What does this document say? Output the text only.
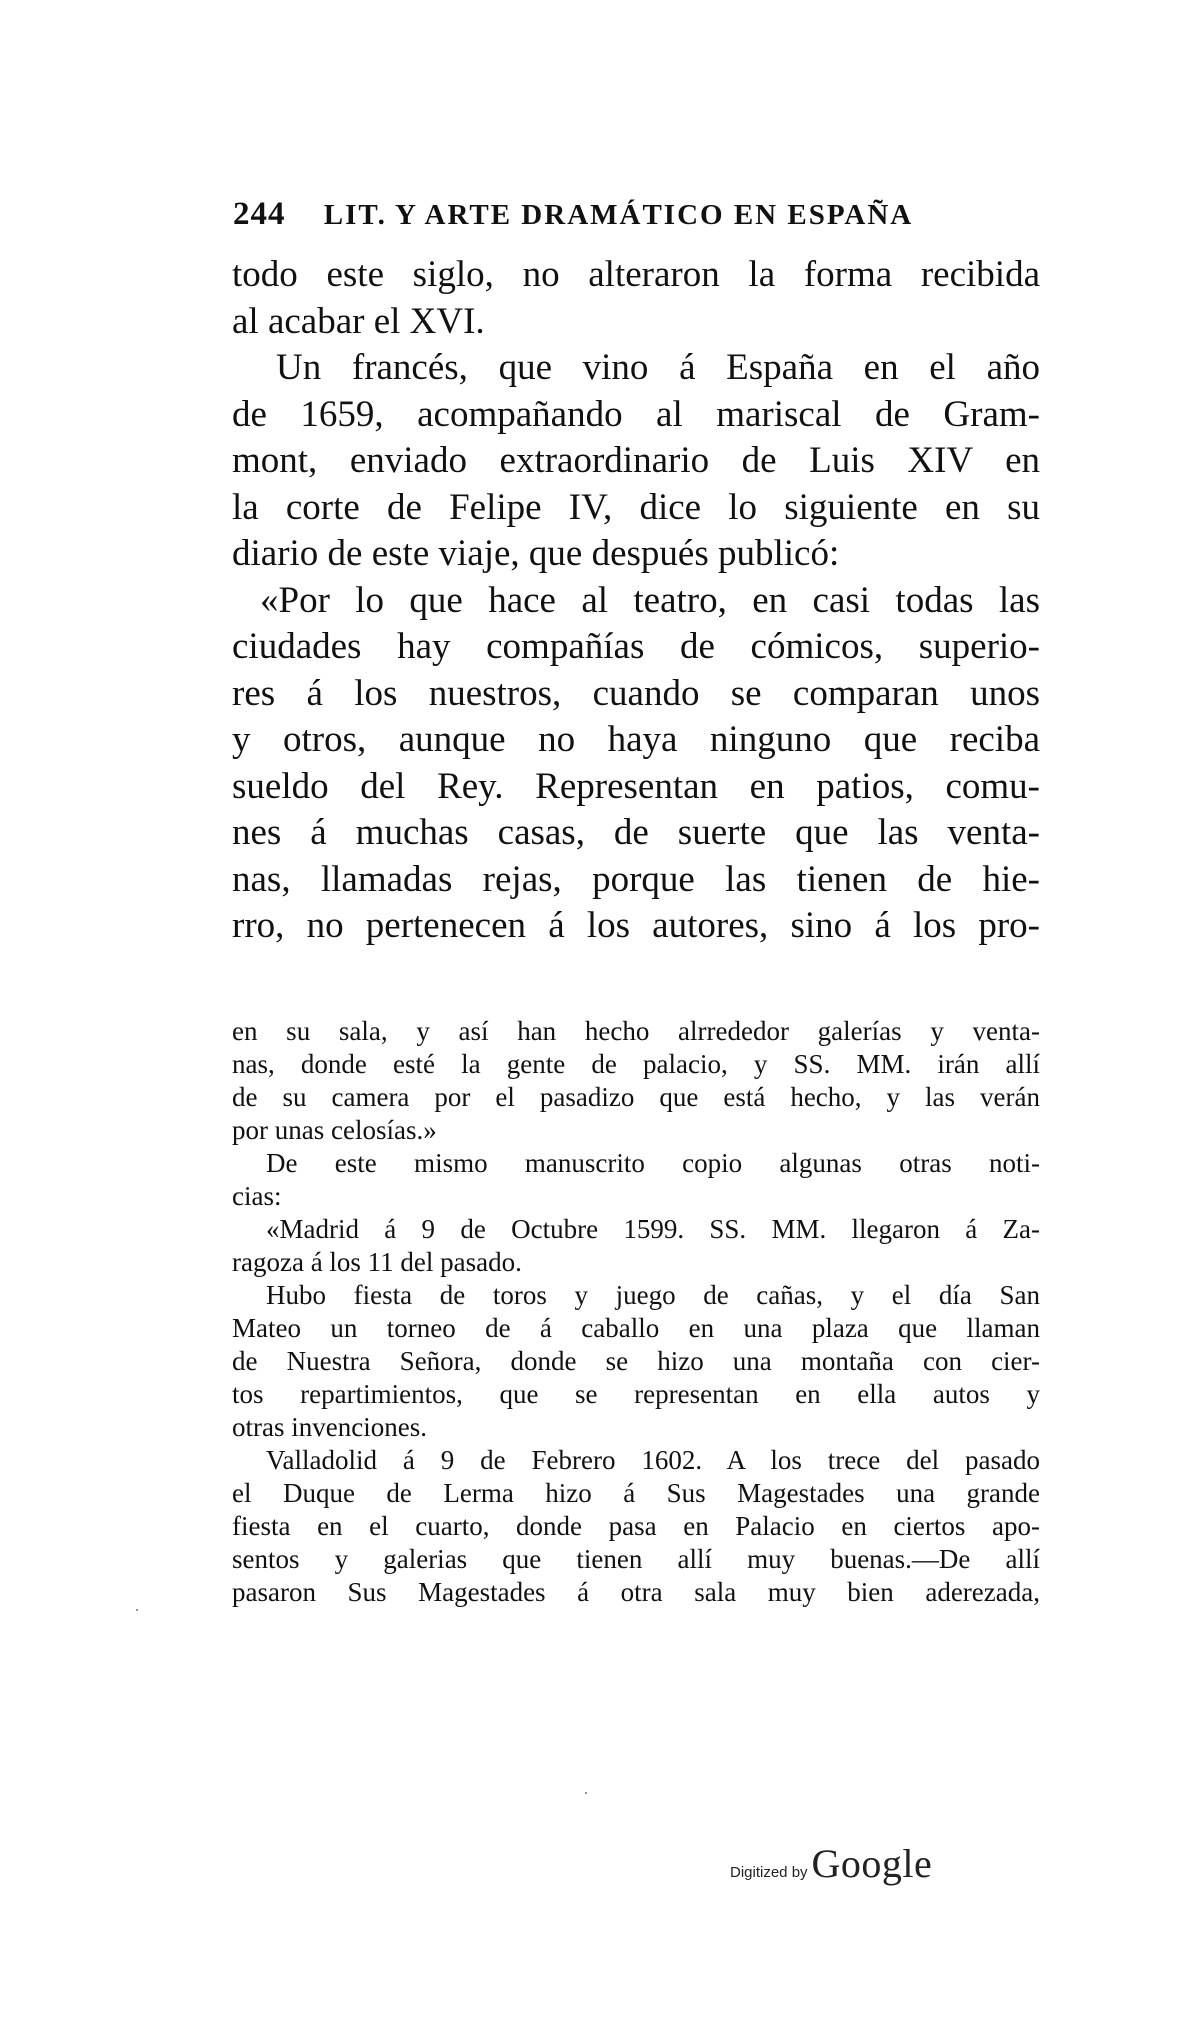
244 LIT. Y ARTE DRAMÁTICO EN ESPAÑA
todo este siglo, no alteraron la forma recibida
al acabar el XVI.
Un francés, que vino á España en el año
de 1659, acompañando al mariscal de Gram-
mont, enviado extraordinario de Luis XIV en
la corte de Felipe IV, dice lo siguiente en su
diario de este viaje, que después publicó:
«Por lo que hace al teatro, en casi todas las
ciudades hay compañías de cómicos, superio-
res á los nuestros, cuando se comparan unos
y otros, aunque no haya ninguno que reciba
sueldo del Rey. Representan en patios, comu-
nes á muchas casas, de suerte que las venta-
nas, llamadas rejas, porque las tienen de hie-
rro, no pertenecen á los autores, sino á los pro-
en su sala, y así han hecho alrrededor galerías y venta-
nas, donde esté la gente de palacio, y SS. MM. irán allí
de su camera por el pasadizo que está hecho, y las verán
por unas celosías.»
De este mismo manuscrito copio algunas otras noti-
cias:
«Madrid á 9 de Octubre 1599. SS. MM. llegaron á Za-
ragoza á los 11 del pasado.
Hubo fiesta de toros y juego de cañas, y el día San
Mateo un torneo de á caballo en una plaza que llaman
de Nuestra Señora, donde se hizo una montaña con cier-
tos repartimientos, que se representan en ella autos y
otras invenciones.
Valladolid á 9 de Febrero 1602. A los trece del pasado
el Duque de Lerma hizo á Sus Magestades una grande
fiesta en el cuarto, donde pasa en Palacio en ciertos apo-
sentos y galerias que tienen allí muy buenas.—De allí
pasaron Sus Magestades á otra sala muy bien aderezada,
Digitized by Google
